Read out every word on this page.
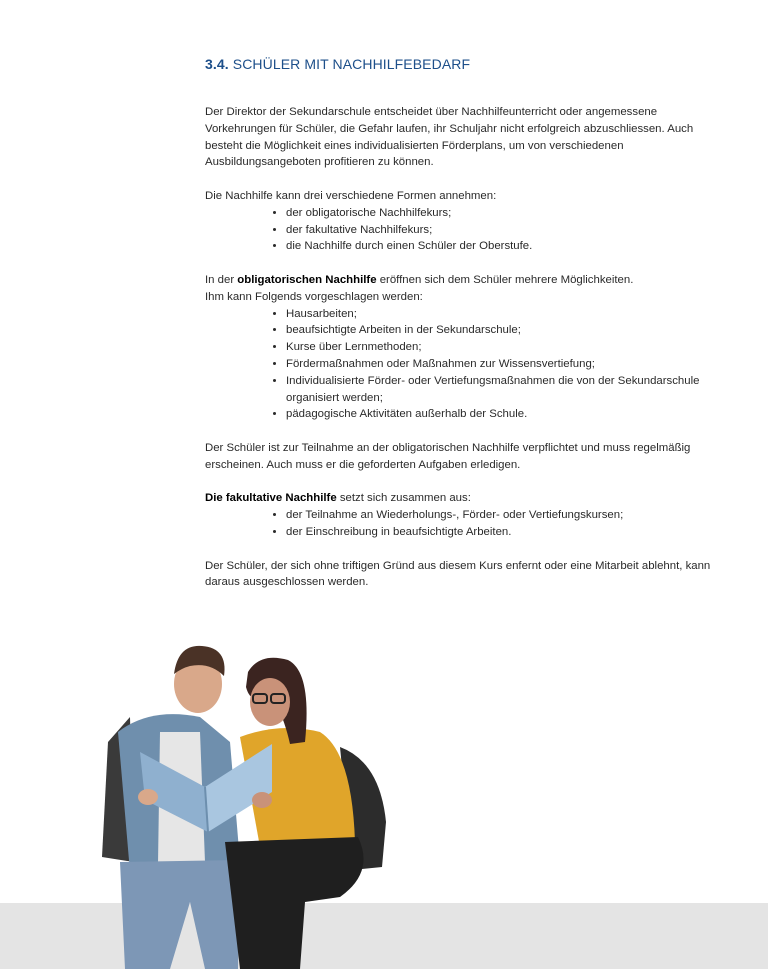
3.4. SCHÜLER MIT NACHHILFEBEDARF

Der Direktor der Sekundarschule entscheidet über Nachhilfeunterricht oder angemessene Vorkehrungen für Schüler, die Gefahr laufen, ihr Schuljahr nicht erfolgreich abzuschliessen. Auch besteht die Möglichkeit eines individualisierten Förderplans, um von verschiedenen Ausbildungsangeboten profitieren zu können.

Die Nachhilfe kann drei verschiedene Formen annehmen:

• der obligatorische Nachhilfekurs;
• der fakultative Nachhilfekurs;
• die Nachhilfe durch einen Schüler der Oberstufe.

In der obligatorischen Nachhilfe eröffnen sich dem Schüler mehrere Möglichkeiten.
Ihm kann Folgends vorgeschlagen werden:

• Hausarbeiten;
• beaufsichtigte Arbeiten in der Sekundarschule;
• Kurse über Lernmethoden;
• Fördermaßnahmen oder Maßnahmen zur Wissensvertiefung;
• Individualisierte Förder- oder Vertiefungsmaßnahmen die von der Sekundarschule organisiert werden;
• pädagogische Aktivitäten außerhalb der Schule.

Der Schüler ist zur Teilnahme an der obligatorischen Nachhilfe verpflichtet und muss regelmäßig erscheinen. Auch muss er die geforderten Aufgaben erledigen.

Die fakultative Nachhilfe setzt sich zusammen aus:

• der Teilnahme an Wiederholungs-, Förder- oder Vertiefungskursen;
• der Einschreibung in beaufsichtigte Arbeiten.

Der Schüler, der sich ohne triftigen Gründ aus diesem Kurs enfernt oder eine Mitarbeit ablehnt, kann daraus ausgeschlossen werden.
